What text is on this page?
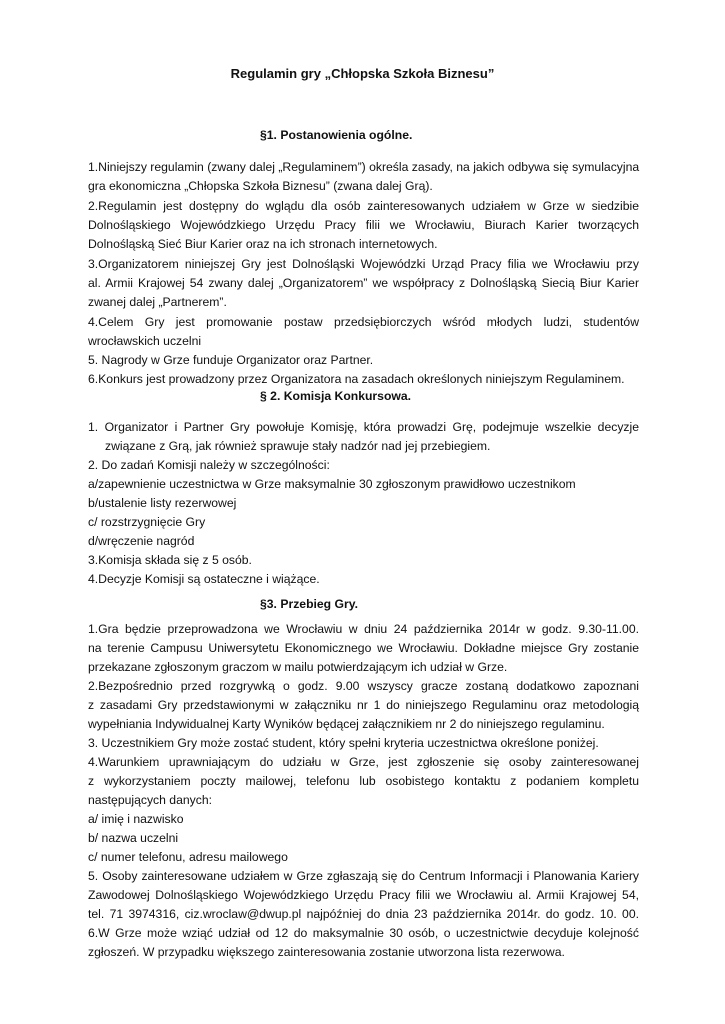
Regulamin gry „Chłopska Szkoła Biznesu”
§1. Postanowienia ogólne.
1.Niniejszy regulamin (zwany dalej „Regulaminem”) określa zasady, na jakich odbywa się symulacyjna
gra ekonomiczna „Chłopska Szkoła Biznesu” (zwana dalej Grą).
2.Regulamin jest dostępny do wglądu dla osób zainteresowanych udziałem w Grze w siedzibie
Dolnośląskiego Wojewódzkiego Urzędu Pracy filii we Wrocławiu, Biurach Karier tworzących
Dolnośląską Sieć Biur Karier oraz na ich stronach internetowych.
3.Organizatorem niniejszej Gry jest Dolnośląski Wojewódzki Urząd Pracy filia we Wrocławiu przy
al. Armii Krajowej 54 zwany dalej „Organizatorem” we współpracy z Dolnośląską Siecią Biur Karier
zwanej dalej „Partnerem”.
4.Celem Gry jest promowanie postaw przedsiębiorczych wśród młodych ludzi, studentów
wrocławskich uczelni
5. Nagrody w Grze funduje Organizator oraz Partner.
6.Konkurs jest prowadzony przez Organizatora na zasadach określonych niniejszym Regulaminem.
§ 2. Komisja Konkursowa.
1. Organizator i Partner Gry powołuje Komisję, która prowadzi Grę, podejmuje wszelkie decyzje
związane z Grą, jak również sprawuje stały nadzór nad jej przebiegiem.
2. Do zadań Komisji należy w szczególności:
a/zapewnienie uczestnictwa w Grze maksymalnie 30 zgłoszonym prawidłowo uczestnikom
b/ustalenie listy rezerwowej
c/ rozstrzygnięcie Gry
d/wręczenie nagród
3.Komisja składa się z 5 osób.
4.Decyzje Komisji są ostateczne i wiążące.
§3. Przebieg Gry.
1.Gra będzie przeprowadzona we Wrocławiu w dniu 24 października 2014r w godz. 9.30-11.00.
na terenie Campusu Uniwersytetu Ekonomicznego we Wrocławiu. Dokładne miejsce Gry zostanie
przekazane zgłoszonym graczom w mailu potwierdzającym ich udział w Grze.
2.Bezpośrednio przed rozgrywką o godz. 9.00 wszyscy gracze zostaną dodatkowo zapoznani
z zasadami Gry przedstawionymi w załączniku nr 1 do niniejszego Regulaminu oraz metodologią
wypełniania Indywidualnej Karty Wyników będącej załącznikiem nr 2 do niniejszego regulaminu.
3. Uczestnikiem Gry może zostać student, który spełni kryteria uczestnictwa określone poniżej.
4.Warunkiem uprawniającym do udziału w Grze, jest zgłoszenie się osoby zainteresowanej
z wykorzystaniem poczty mailowej, telefonu lub osobistego kontaktu z podaniem kompletu
następujących danych:
a/ imię i nazwisko
b/ nazwa uczelni
c/ numer telefonu, adresu mailowego
5. Osoby zainteresowane udziałem w Grze zgłaszają się do Centrum Informacji i Planowania Kariery
Zawodowej Dolnośląskiego Wojewódzkiego Urzędu Pracy filii we Wrocławiu al. Armii Krajowej 54,
tel. 71 3974316, ciz.wroclaw@dwup.pl najpóźniej do dnia 23 października 2014r. do godz. 10. 00.
6.W Grze może wziąć udział od 12 do maksymalnie 30 osób, o uczestnictwie decyduje kolejność
zgłoszeń. W przypadku większego zainteresowania zostanie utworzona lista rezerwowa.
